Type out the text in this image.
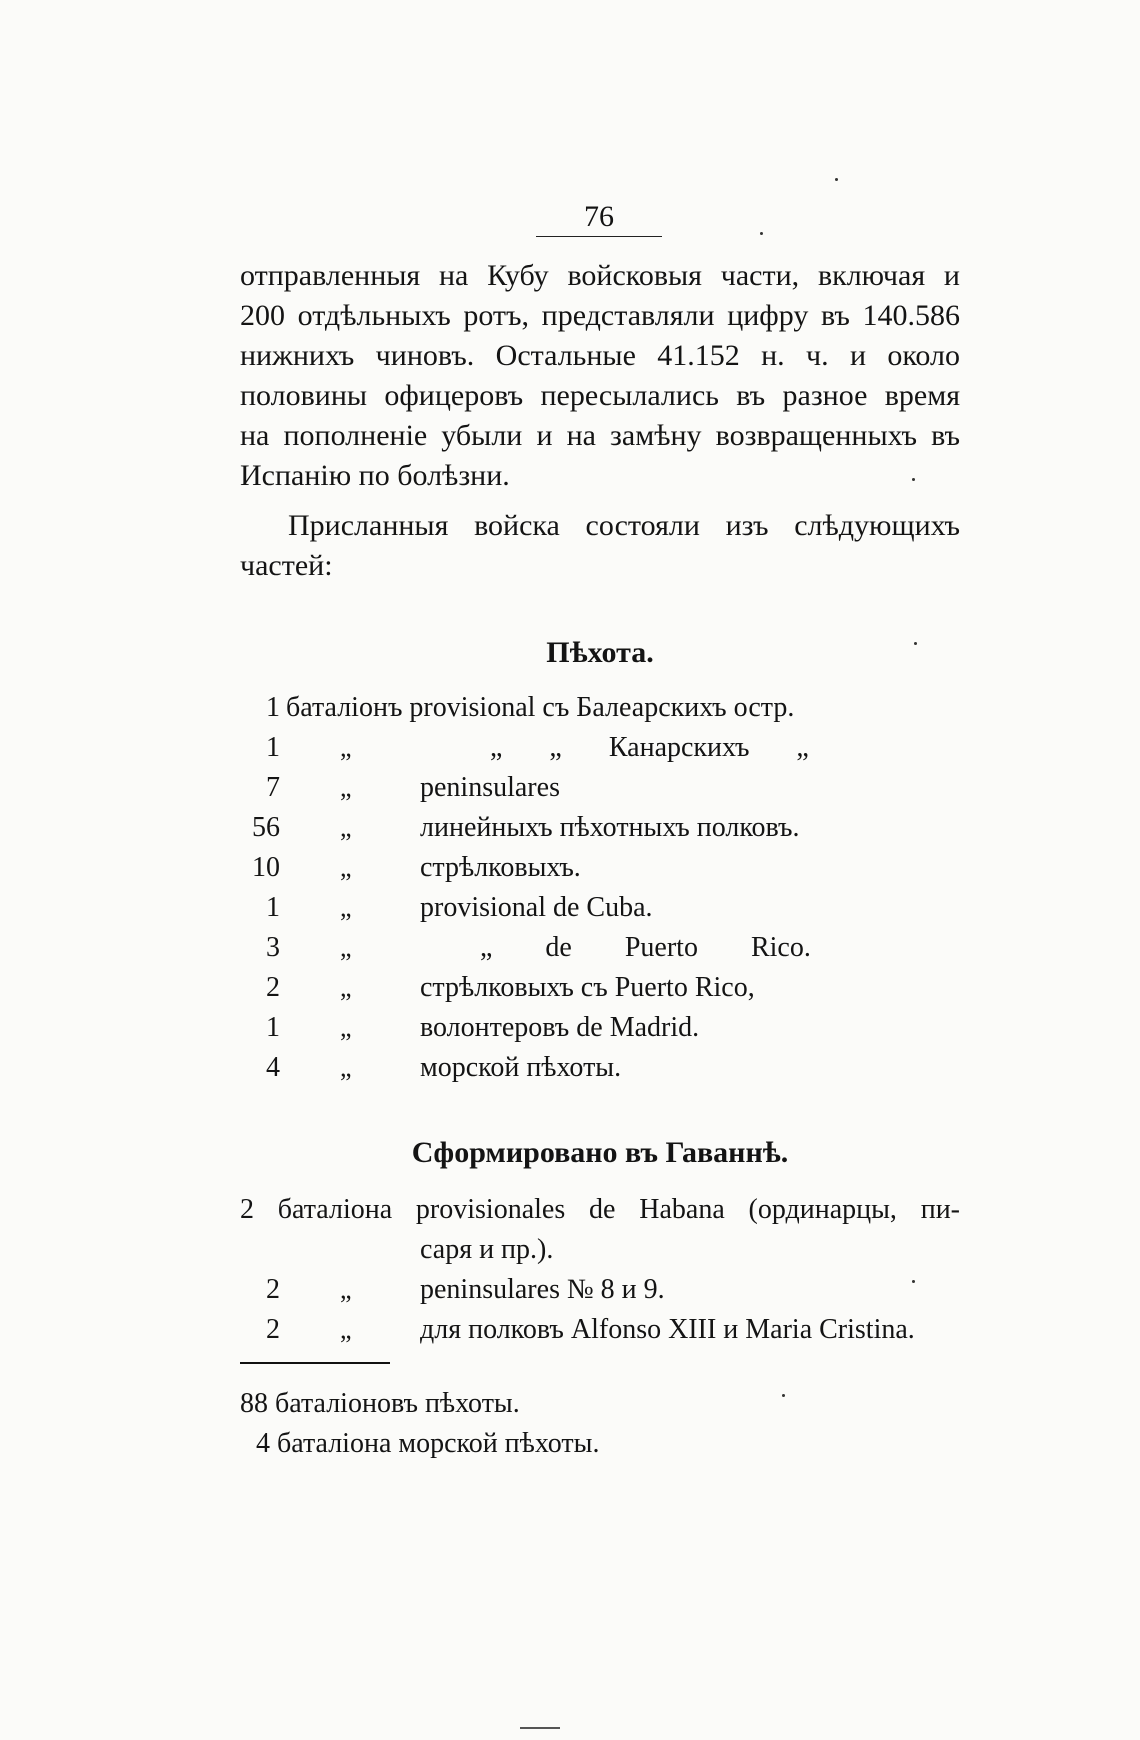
76

отправленныя на Кубу войсковыя части, включая и

200 отдѣльныхъ ротъ, представляли цифру въ 140.586

нижнихъ чиновъ. Остальные 41.152 н. ч. и около

половины офицеровъ пересылались въ разное время

на пополненіе убыли и на замѣну возвращенныхъ въ

Испанію по болѣзни.

Присланныя войска состояли изъ слѣдующихъ

частей:

Пѣхота.
1 баталіонъ provisional съ Балеарскихъ остр.
1 „	„ „ Канарскихъ „
7 „ peninsulares
56 „ линейныхъ пѣхотныхъ полковъ.
10 „ стрѣлковыхъ.
1 „ provisional de Cuba.
3 „	„ de Puerto Rico.
2 „ стрѣлковыхъ съ Puerto Rico,
1 „ волонтеровъ de Madrid.
4 „ морской пѣхоты.
Сформировано въ Гаваннѣ.
2 баталіона provisionales de Habana (ординарцы, пи-
саря и пр.).
2 „ peninsulares № 8 и 9.
2 „ для полковъ Alfonso XIII и Maria Cristina.
88 баталіоновъ пѣхоты.
4 баталіона морской пѣхоты.
